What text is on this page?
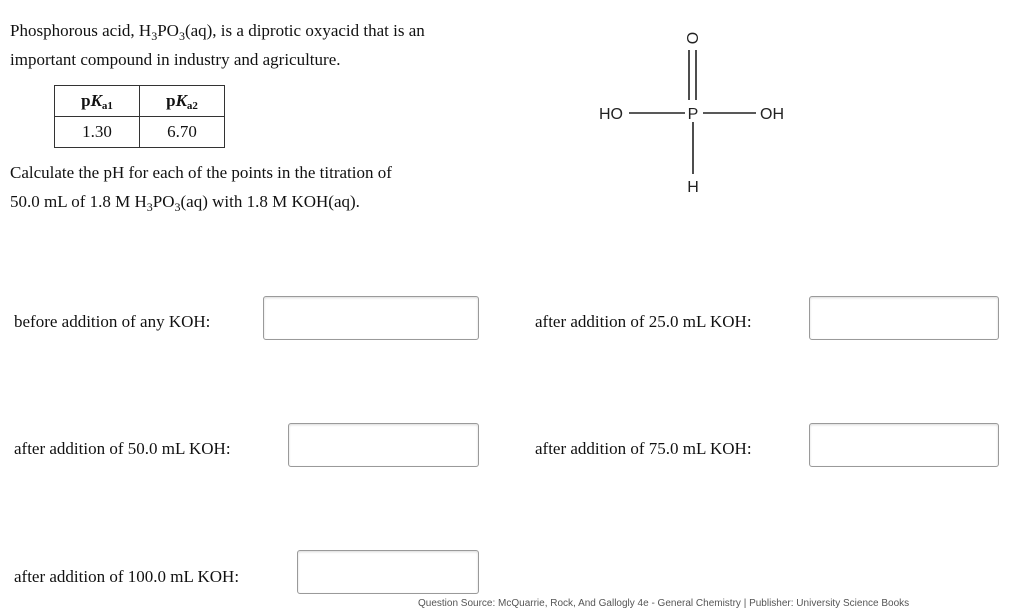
Phosphorous acid, $H_3PO_3(aq)$, is a diprotic oxyacid that is an

important compound in industry and agriculture.

pKa1	pKa2
1.30	6.70

Calculate the pH for each of the points in the titration of

50.0 mL of 1.8 M $H_3PO_3(aq)$ with 1.8 M KOH(aq).

O
HO	P	OH
H
before addition of any KOH:	after addition of 25.0 mL KOH:
after addition of 50.0 mL KOH:	after addition of 75.0 mL KOH:
after addition of 100.0 mL KOH:
Question Source: McQuarrie, Rock, And Gallogly 4e - General Chemistry | Publisher: University Science Books
